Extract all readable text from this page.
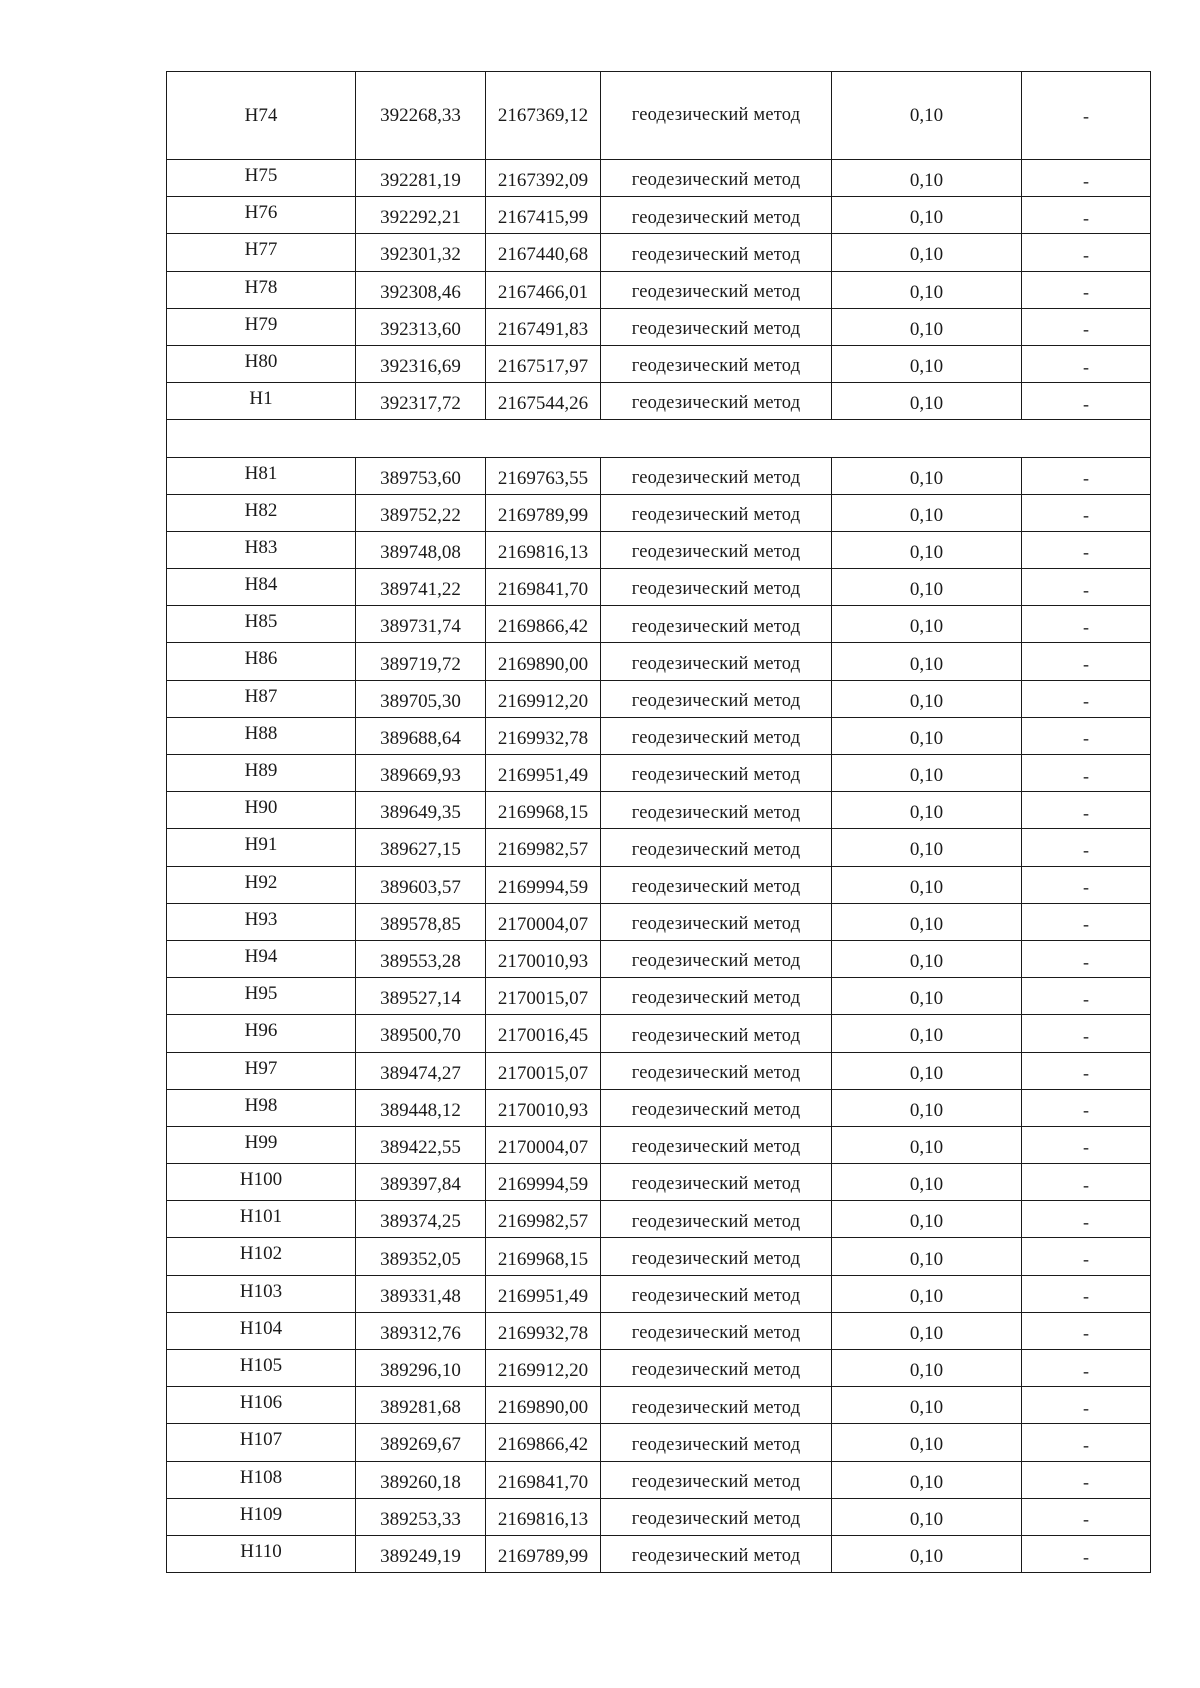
Н74	392268,33	2167369,12	геодезический метод	0,10	-
Н75	392281,19	2167392,09	геодезический метод	0,10	-
Н76	392292,21	2167415,99	геодезический метод	0,10	-
Н77	392301,32	2167440,68	геодезический метод	0,10	-
Н78	392308,46	2167466,01	геодезический метод	0,10	-
Н79	392313,60	2167491,83	геодезический метод	0,10	-
Н80	392316,69	2167517,97	геодезический метод	0,10	-
Н1	392317,72	2167544,26	геодезический метод	0,10	-

Н81	389753,60	2169763,55	геодезический метод	0,10	-
Н82	389752,22	2169789,99	геодезический метод	0,10	-
Н83	389748,08	2169816,13	геодезический метод	0,10	-
Н84	389741,22	2169841,70	геодезический метод	0,10	-
Н85	389731,74	2169866,42	геодезический метод	0,10	-
Н86	389719,72	2169890,00	геодезический метод	0,10	-
Н87	389705,30	2169912,20	геодезический метод	0,10	-
Н88	389688,64	2169932,78	геодезический метод	0,10	-
Н89	389669,93	2169951,49	геодезический метод	0,10	-
Н90	389649,35	2169968,15	геодезический метод	0,10	-
Н91	389627,15	2169982,57	геодезический метод	0,10	-
Н92	389603,57	2169994,59	геодезический метод	0,10	-
Н93	389578,85	2170004,07	геодезический метод	0,10	-
Н94	389553,28	2170010,93	геодезический метод	0,10	-
Н95	389527,14	2170015,07	геодезический метод	0,10	-
Н96	389500,70	2170016,45	геодезический метод	0,10	-
Н97	389474,27	2170015,07	геодезический метод	0,10	-
Н98	389448,12	2170010,93	геодезический метод	0,10	-
Н99	389422,55	2170004,07	геодезический метод	0,10	-
Н100	389397,84	2169994,59	геодезический метод	0,10	-
Н101	389374,25	2169982,57	геодезический метод	0,10	-
Н102	389352,05	2169968,15	геодезический метод	0,10	-
Н103	389331,48	2169951,49	геодезический метод	0,10	-
Н104	389312,76	2169932,78	геодезический метод	0,10	-
Н105	389296,10	2169912,20	геодезический метод	0,10	-
Н106	389281,68	2169890,00	геодезический метод	0,10	-
Н107	389269,67	2169866,42	геодезический метод	0,10	-
Н108	389260,18	2169841,70	геодезический метод	0,10	-
Н109	389253,33	2169816,13	геодезический метод	0,10	-
Н110	389249,19	2169789,99	геодезический метод	0,10	-
